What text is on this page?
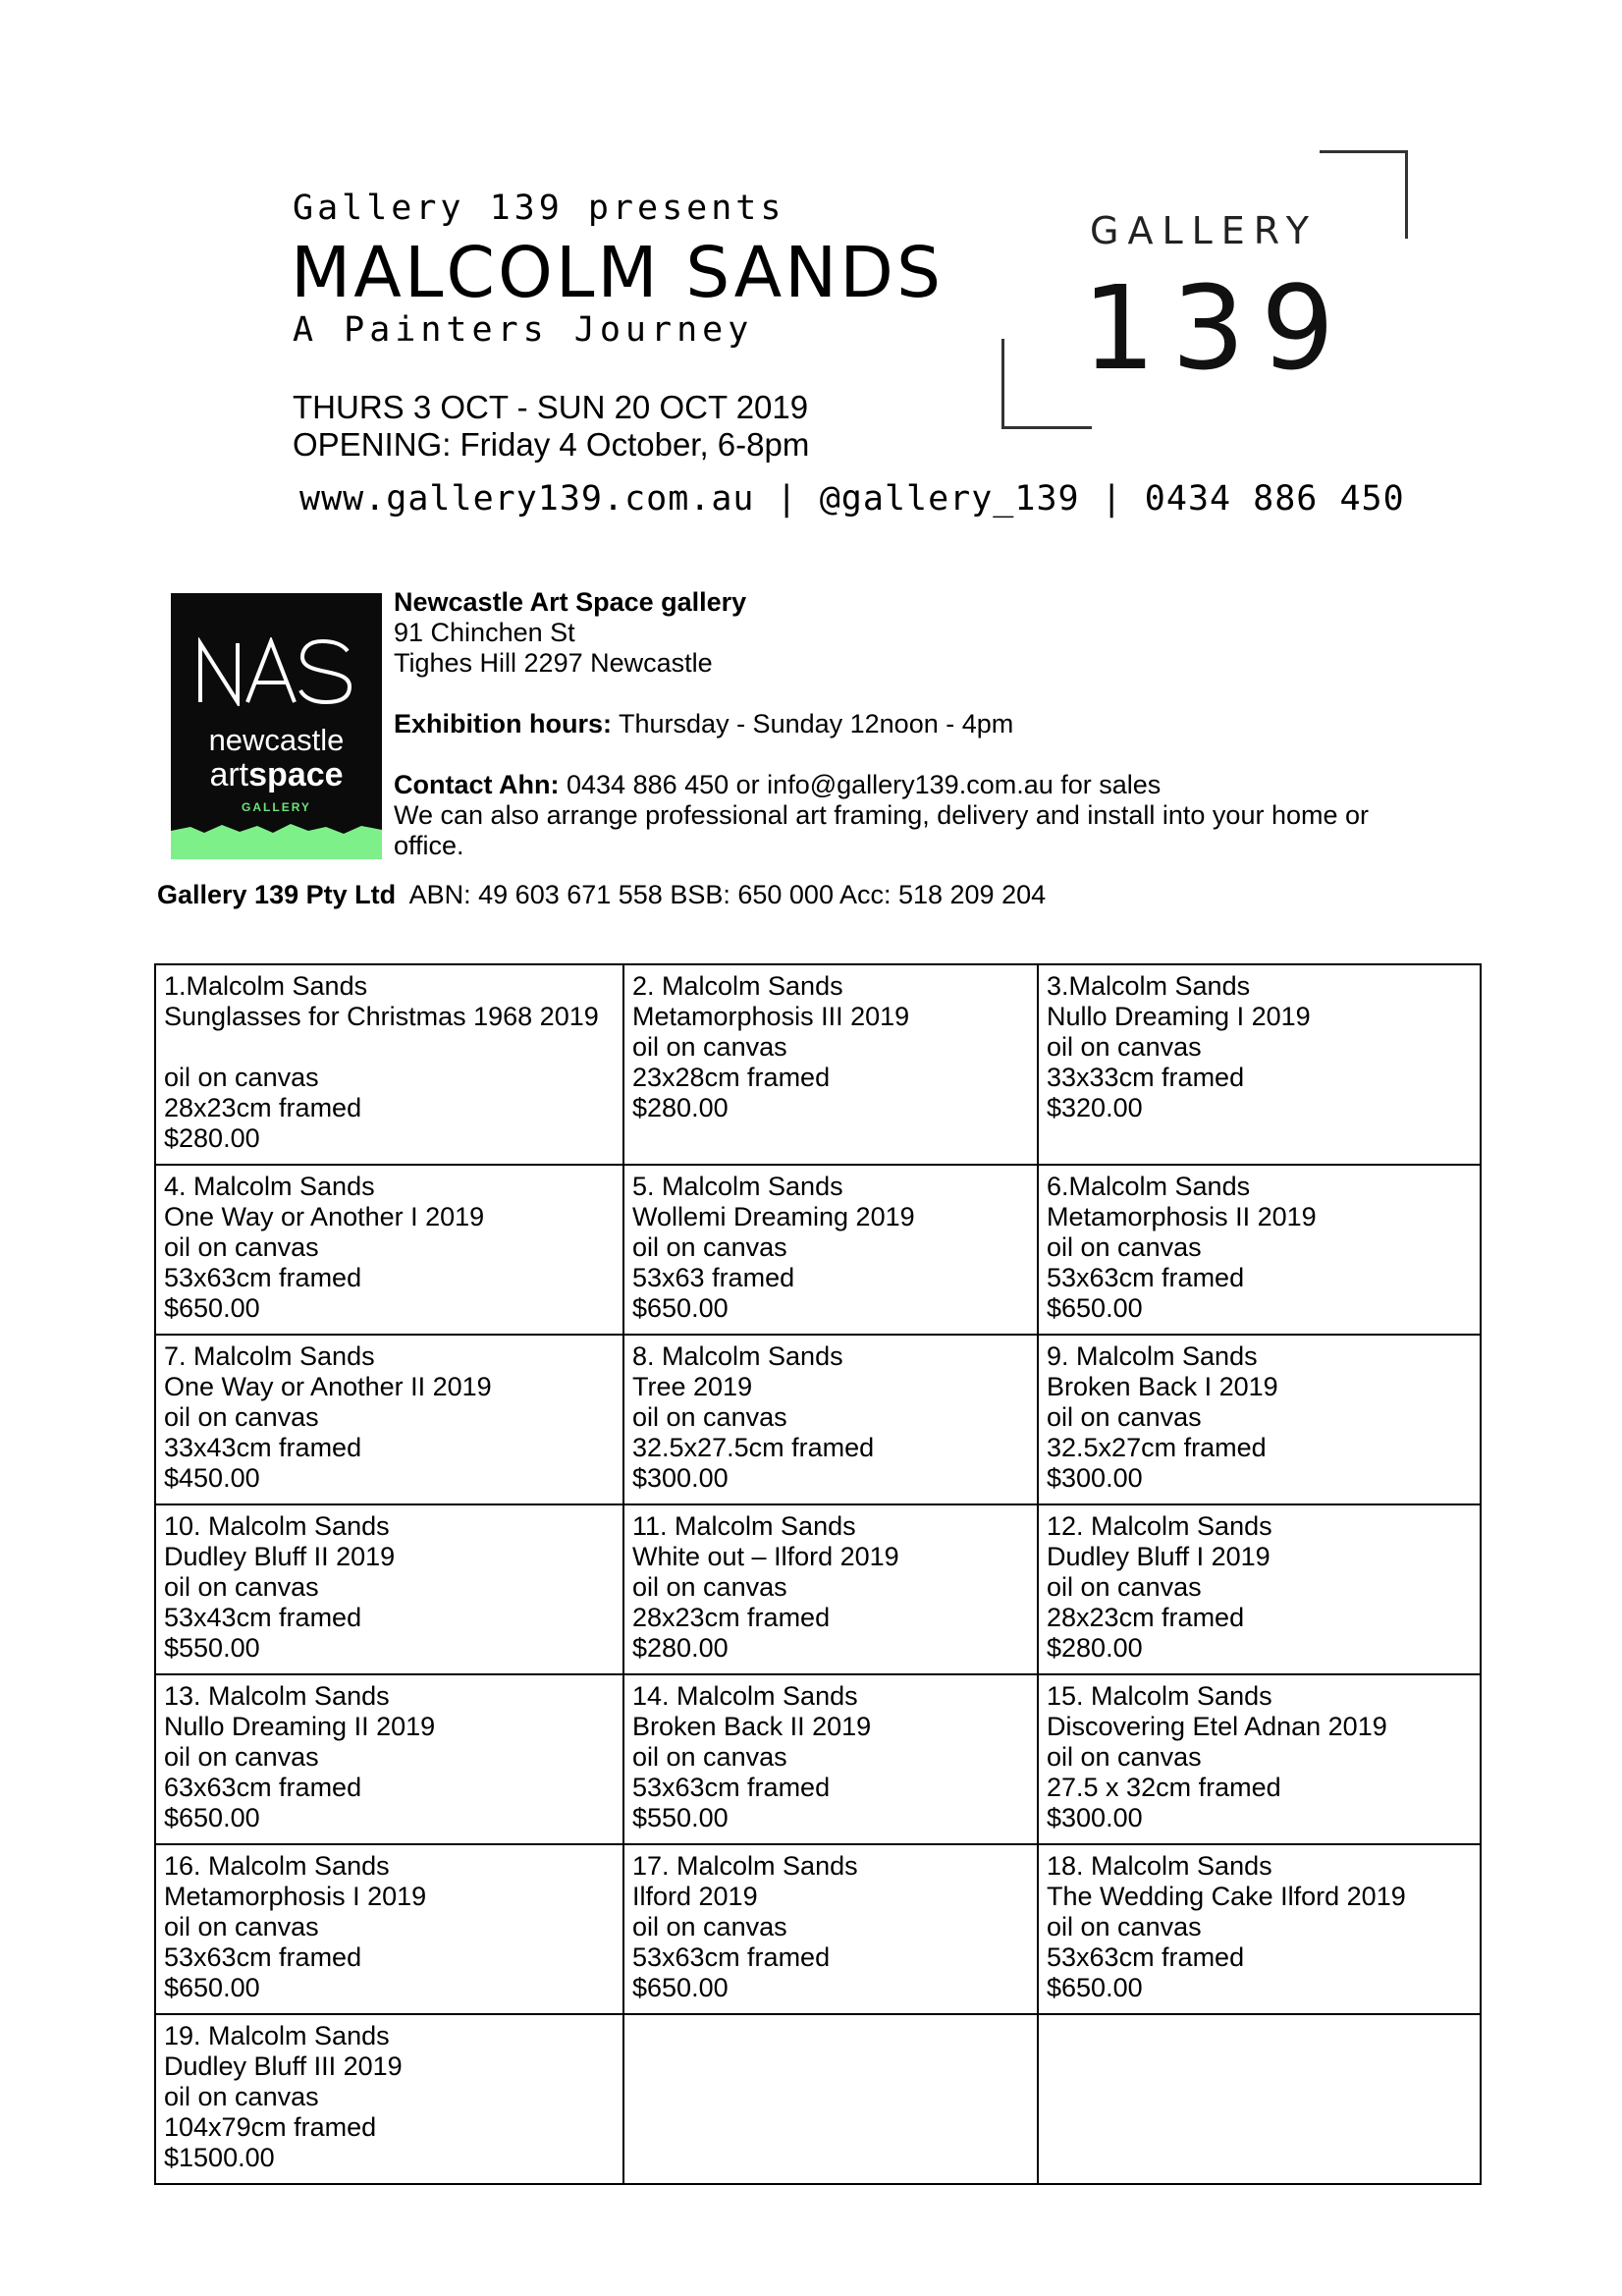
Gallery 139 presents
MALCOLM SANDS
A Painters Journey
THURS 3 OCT - SUN 20 OCT 2019
OPENING: Friday 4 October, 6-8pm
www.gallery139.com.au | @gallery_139 | 0434 886 450
GALLERY
139
newcastle
artspace
GALLERY
Newcastle Art Space gallery
91 Chinchen St
Tighes Hill 2297 Newcastle
Exhibition hours: Thursday - Sunday 12noon - 4pm
Contact Ahn: 0434 886 450 or info@gallery139.com.au for sales
We can also arrange professional art framing, delivery and install into your home or
office.
Gallery 139 Pty Ltd ABN: 49 603 671 558 BSB: 650 000 Acc: 518 209 204
1.Malcolm Sands
Sunglasses for Christmas 1968 2019
oil on canvas
28x23cm framed
$280.00	2. Malcolm Sands
Metamorphosis III 2019
oil on canvas
23x28cm framed
$280.00	3.Malcolm Sands
Nullo Dreaming I 2019
oil on canvas
33x33cm framed
$320.00

4. Malcolm Sands
One Way or Another I 2019
oil on canvas
53x63cm framed
$650.00	5. Malcolm Sands
Wollemi Dreaming 2019
oil on canvas
53x63 framed
$650.00	6.Malcolm Sands
Metamorphosis II 2019
oil on canvas
53x63cm framed
$650.00

7. Malcolm Sands
One Way or Another II 2019
oil on canvas
33x43cm framed
$450.00	8. Malcolm Sands
Tree 2019
oil on canvas
32.5x27.5cm framed
$300.00	9. Malcolm Sands
Broken Back I 2019
oil on canvas
32.5x27cm framed
$300.00

10. Malcolm Sands
Dudley Bluff II 2019
oil on canvas
53x43cm framed
$550.00	11. Malcolm Sands
White out – Ilford 2019
oil on canvas
28x23cm framed
$280.00	12. Malcolm Sands
Dudley Bluff I 2019
oil on canvas
28x23cm framed
$280.00

13. Malcolm Sands
Nullo Dreaming II 2019
oil on canvas
63x63cm framed
$650.00	14. Malcolm Sands
Broken Back II 2019
oil on canvas
53x63cm framed
$550.00	15. Malcolm Sands
Discovering Etel Adnan 2019
oil on canvas
27.5 x 32cm framed
$300.00

16. Malcolm Sands
Metamorphosis I 2019
oil on canvas
53x63cm framed
$650.00	17. Malcolm Sands
Ilford 2019
oil on canvas
53x63cm framed
$650.00	18. Malcolm Sands
The Wedding Cake Ilford 2019
oil on canvas
53x63cm framed
$650.00

19. Malcolm Sands
Dudley Bluff III 2019
oil on canvas
104x79cm framed
$1500.00		
